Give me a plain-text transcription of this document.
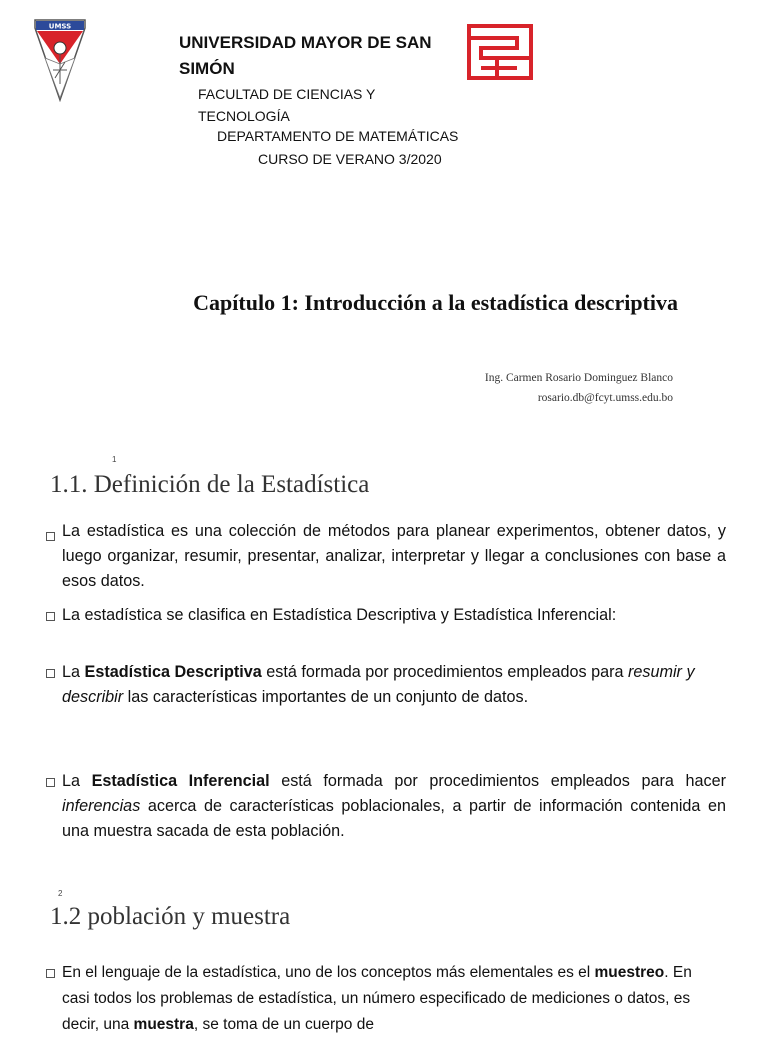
UMSS
UNIVERSIDAD MAYOR DE SAN SIMÓN
FACULTAD DE CIENCIAS Y TECNOLOGÍA
DEPARTAMENTO DE MATEMÁTICAS
CURSO DE VERANO 3/2020
Capítulo 1: Introducción a la estadística descriptiva
Ing. Carmen Rosario Dominguez Blanco
rosario.db@fcyt.umss.edu.bo
1
1.1. Definición de la Estadística
La estadística es una colección de métodos para planear experimentos, obtener datos, y luego organizar, resumir, presentar, analizar, interpretar y llegar a conclusiones con base a esos datos.
La estadística se clasifica en Estadística Descriptiva y Estadística Inferencial:
La Estadística Descriptiva está formada por procedimientos empleados para resumir y describir las características importantes de un conjunto de datos.
La Estadística Inferencial está formada por procedimientos empleados para hacer inferencias acerca de características poblacionales, a partir de información contenida en una muestra sacada de esta población.
2
1.2 población y muestra
En el lenguaje de la estadística, uno de los conceptos más elementales es el muestreo. En casi todos los problemas de estadística, un número especificado de mediciones o datos, es decir, una muestra, se toma de un cuerpo de
